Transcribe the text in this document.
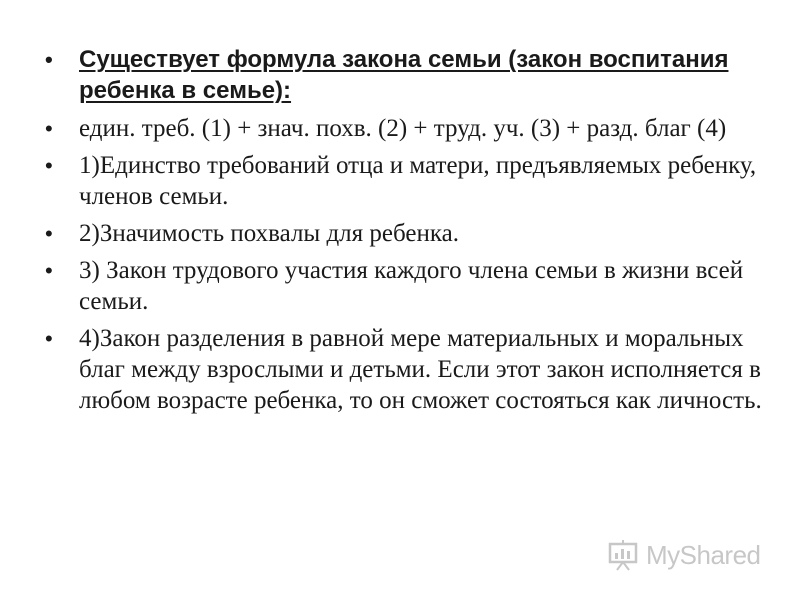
• Существует формула закона семьи (закон воспитания ребенка в семье):
• един. треб. (1) + знач. похв. (2) + труд. уч. (3) + разд. благ (4)
• 1)Единство требований отца и матери, предъявляемых ребенку, членов семьи.
• 2)Значимость похвалы для ребенка.
• 3) Закон трудового участия каждого члена семьи в жизни всей семьи.
• 4)Закон разделения в равной мере материальных и моральных благ между взрослыми и детьми. Если этот закон исполняется в любом возрасте ребенка, то он сможет состояться как личность.
MyShared
